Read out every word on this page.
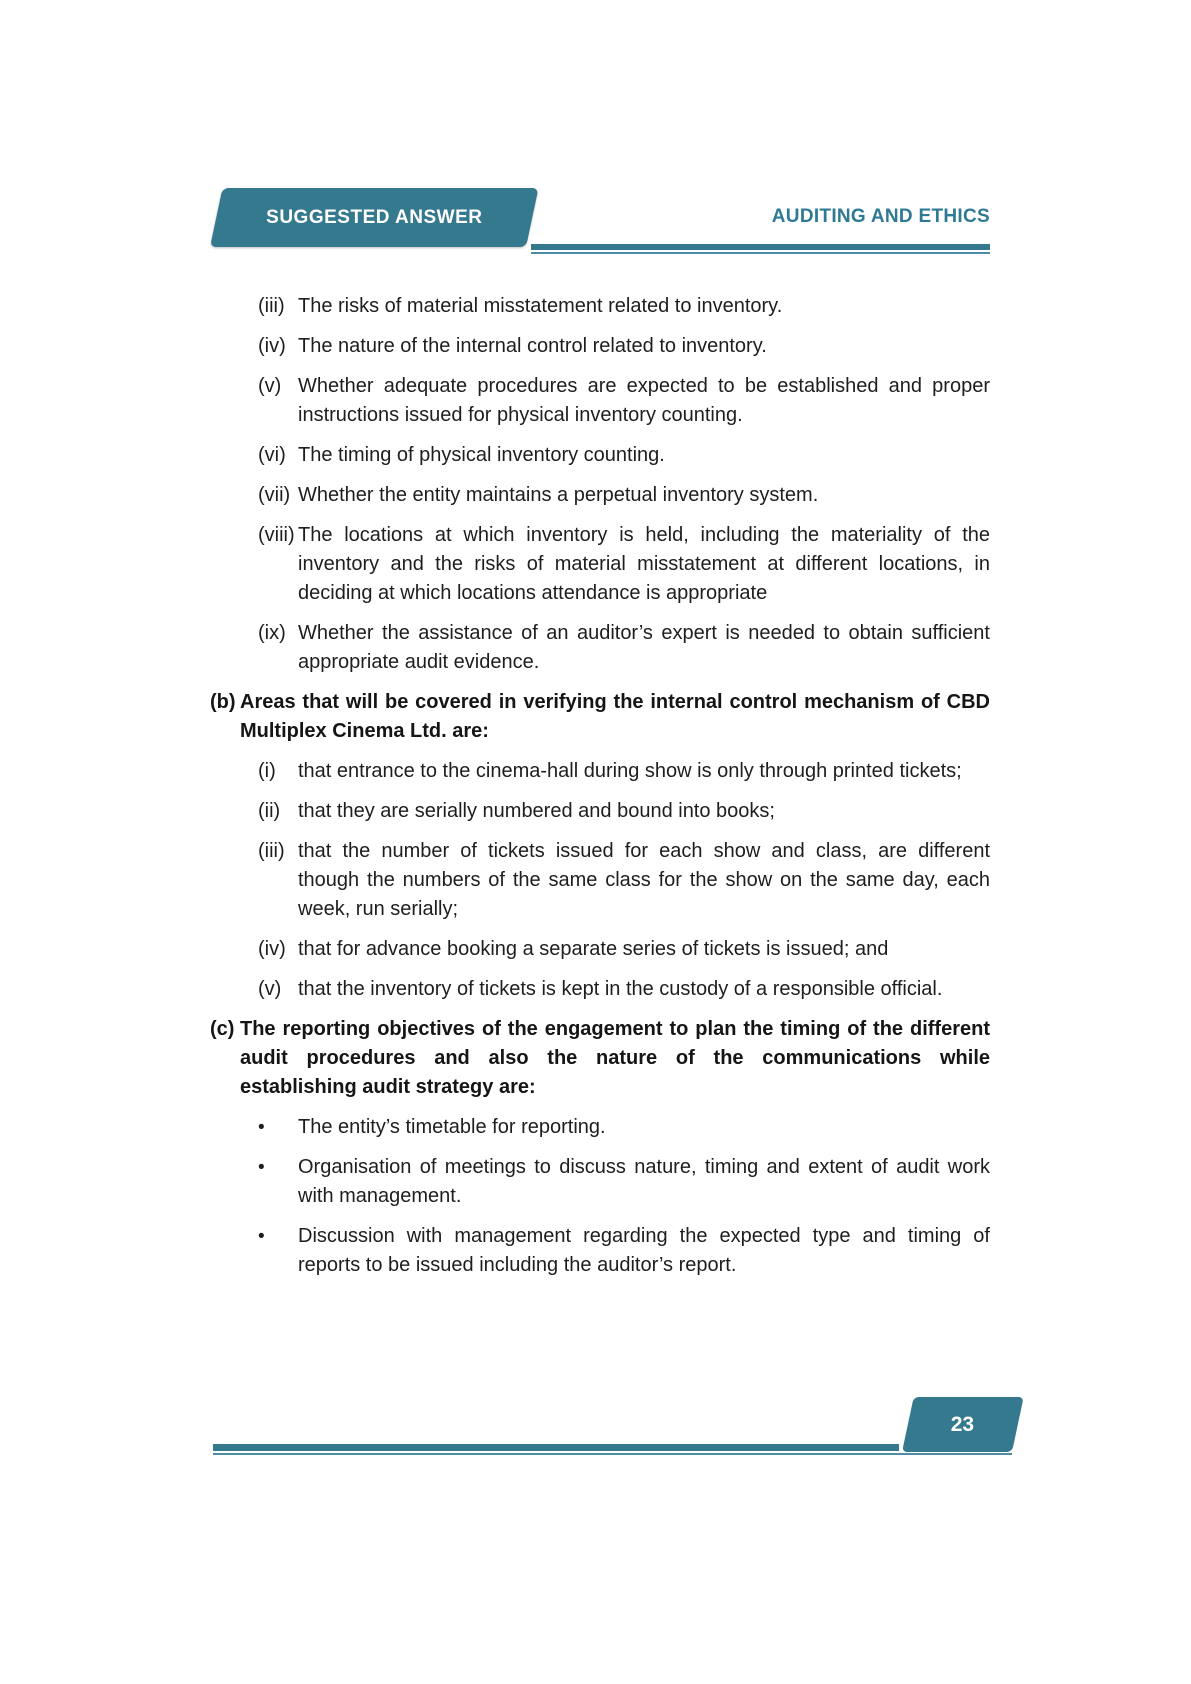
SUGGESTED ANSWER	AUDITING AND ETHICS
(iii) The risks of material misstatement related to inventory.
(iv) The nature of the internal control related to inventory.
(v) Whether adequate procedures are expected to be established and proper instructions issued for physical inventory counting.
(vi) The timing of physical inventory counting.
(vii) Whether the entity maintains a perpetual inventory system.
(viii) The locations at which inventory is held, including the materiality of the inventory and the risks of material misstatement at different locations, in deciding at which locations attendance is appropriate
(ix) Whether the assistance of an auditor’s expert is needed to obtain sufficient appropriate audit evidence.
(b) Areas that will be covered in verifying the internal control mechanism of CBD Multiplex Cinema Ltd. are:
(i)	that entrance to the cinema-hall during show is only through printed tickets;
(ii) that they are serially numbered and bound into books;
(iii) that the number of tickets issued for each show and class, are different though the numbers of the same class for the show on the same day, each week, run serially;
(iv) that for advance booking a separate series of tickets is issued; and
(v) that the inventory of tickets is kept in the custody of a responsible official.
(c) The reporting objectives of the engagement to plan the timing of the different audit procedures and also the nature of the communications while establishing audit strategy are:
•	The entity’s timetable for reporting.
•	Organisation of meetings to discuss nature, timing and extent of audit work with management.
•	Discussion with management regarding the expected type and timing of reports to be issued including the auditor’s report.
23
